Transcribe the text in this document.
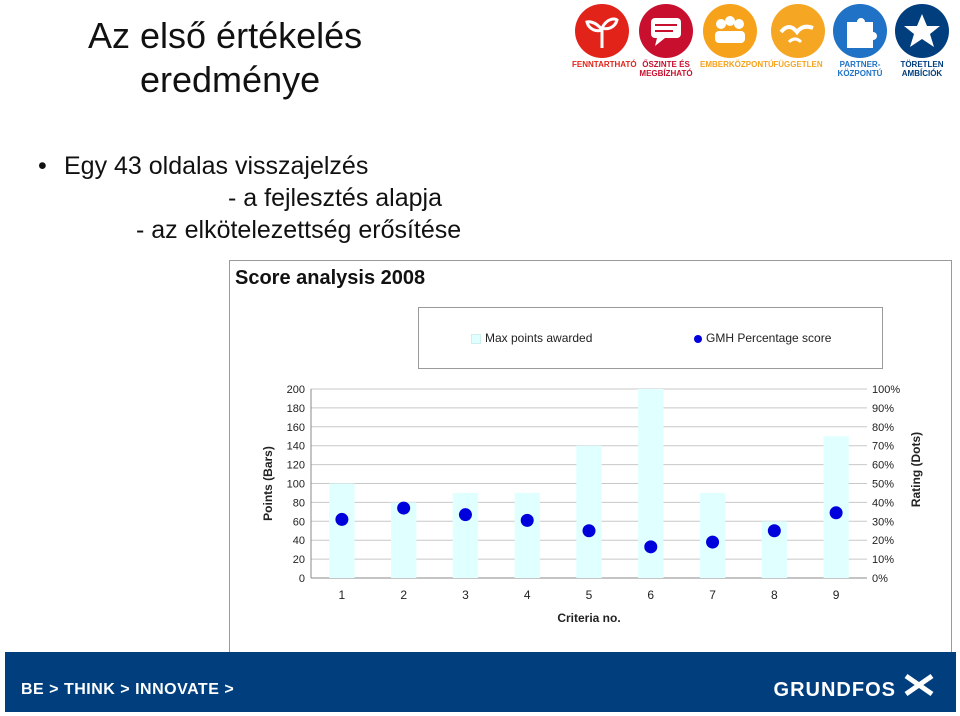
Az első értékelés
eredménye
• Egy 43 oldalas visszajelzés
- a fejlesztés alapja
- az elkötelezettség erősítése
FENNTARTHATÓ ŐSZINTE ÉS MEGBÍZHATÓ
EMBERKÖZPONTÚ FÜGGETLEN	PARTNER-KÖZPONTÚ
TÖRETLEN AMBÍCIÓK
Score analysis 2008
Max points awarded	GMH Percentage score
0
20
40
60
80
100
120
140
160
180
200
0%
10%
20%
30%
40%
50%
60%
70%
80%
90%
100%
1	2	3	4	5	6	7	8	9
Criteria no.
Points (Bars)	Rating (Dots)
BE > THINK > INNOVATE >	GRUNDFOS
